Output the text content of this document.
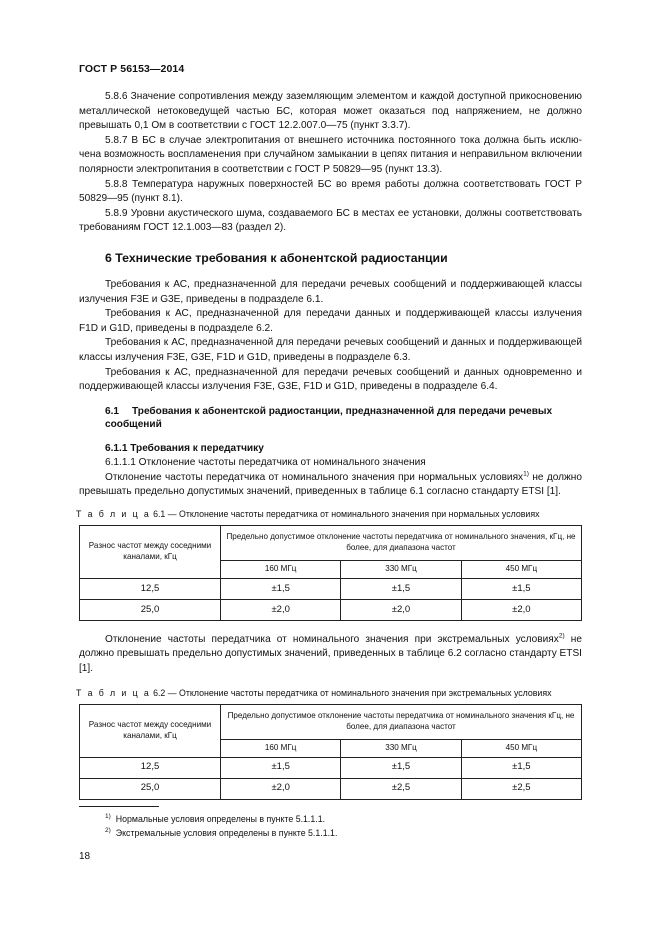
ГОСТ Р 56153—2014

5.8.6 Значение сопротивления между заземляющим элементом и каждой доступной прикосновению металлической нетоковедущей частью БС, которая может оказаться под напряжением, не должно превышать 0,1 Ом в соответствии с ГОСТ 12.2.007.0—75 (пункт 3.3.7).

5.8.7 В БС в случае электропитания от внешнего источника постоянного тока должна быть исключена возможность воспламенения при случайном замыкании в цепях питания и неправильном включении полярности электропитания в соответствии с ГОСТ Р 50829—95 (пункт 13.3).

5.8.8 Температура наружных поверхностей БС во время работы должна соответствовать ГОСТ Р 50829—95 (пункт 8.1).

5.8.9 Уровни акустического шума, создаваемого БС в местах ее установки, должны соответствовать требованиям ГОСТ 12.1.003—83 (раздел 2).

6 Технические требования к абонентской радиостанции

Требования к АС, предназначенной для передачи речевых сообщений и поддерживающей классы излучения F3E и G3E, приведены в подразделе 6.1.

Требования к АС, предназначенной для передачи данных и поддерживающей классы излучения F1D и G1D, приведены в подразделе 6.2.

Требования к АС, предназначенной для передачи речевых сообщений и данных и поддерживающей классы излучения F3E, G3E, F1D и G1D, приведены в подразделе 6.3.

Требования к АС, предназначенной для передачи речевых сообщений и данных одновременно и поддерживающей классы излучения F3E, G3E, F1D и G1D, приведены в подразделе 6.4.

6.1 Требования к абонентской радиостанции, предназначенной для передачи речевых сообщений
6.1.1 Требования к передатчику
6.1.1.1 Отклонение частоты передатчика от номинального значения

Отклонение частоты передатчика от номинального значения при нормальных условиях$^{1)}$ не должно превышать предельно допустимых значений, приведенных в таблице 6.1 согласно стандарту ETSI [1].

Т а б л и ц а 6.1 — Отклонение частоты передатчика от номинального значения при нормальных условиях
Разнос частот между соседними каналами, кГц	Предельно допустимое отклонение частоты передатчика от номинального значения, кГц, не более, для диапазона частот		
	160 МГц	330 МГц	450 МГц
12,5	±1,5	±1,5	±1,5
25,0	±2,0	±2,0	±2,0

Отклонение частоты передатчика от номинального значения при экстремальных условиях$^{2)}$ не должно превышать предельно допустимых значений, приведенных в таблице 6.2 согласно стандарту ETSI [1].

Т а б л и ц а 6.2 — Отклонение частоты передатчика от номинального значения при экстремальных условиях
Разнос частот между соседними каналами, кГц	Предельно допустимое отклонение частоты передатчика от номинального значения кГц, не более, для диапазона частот		
	160 МГц	330 МГц	450 МГц
12,5	±1,5	±1,5	±1,5
25,0	±2,0	±2,5	±2,5
$^{1)}$ Нормальные условия определены в пункте 5.1.1.1.
$^{2)}$ Экстремальные условия определены в пункте 5.1.1.1.
18
